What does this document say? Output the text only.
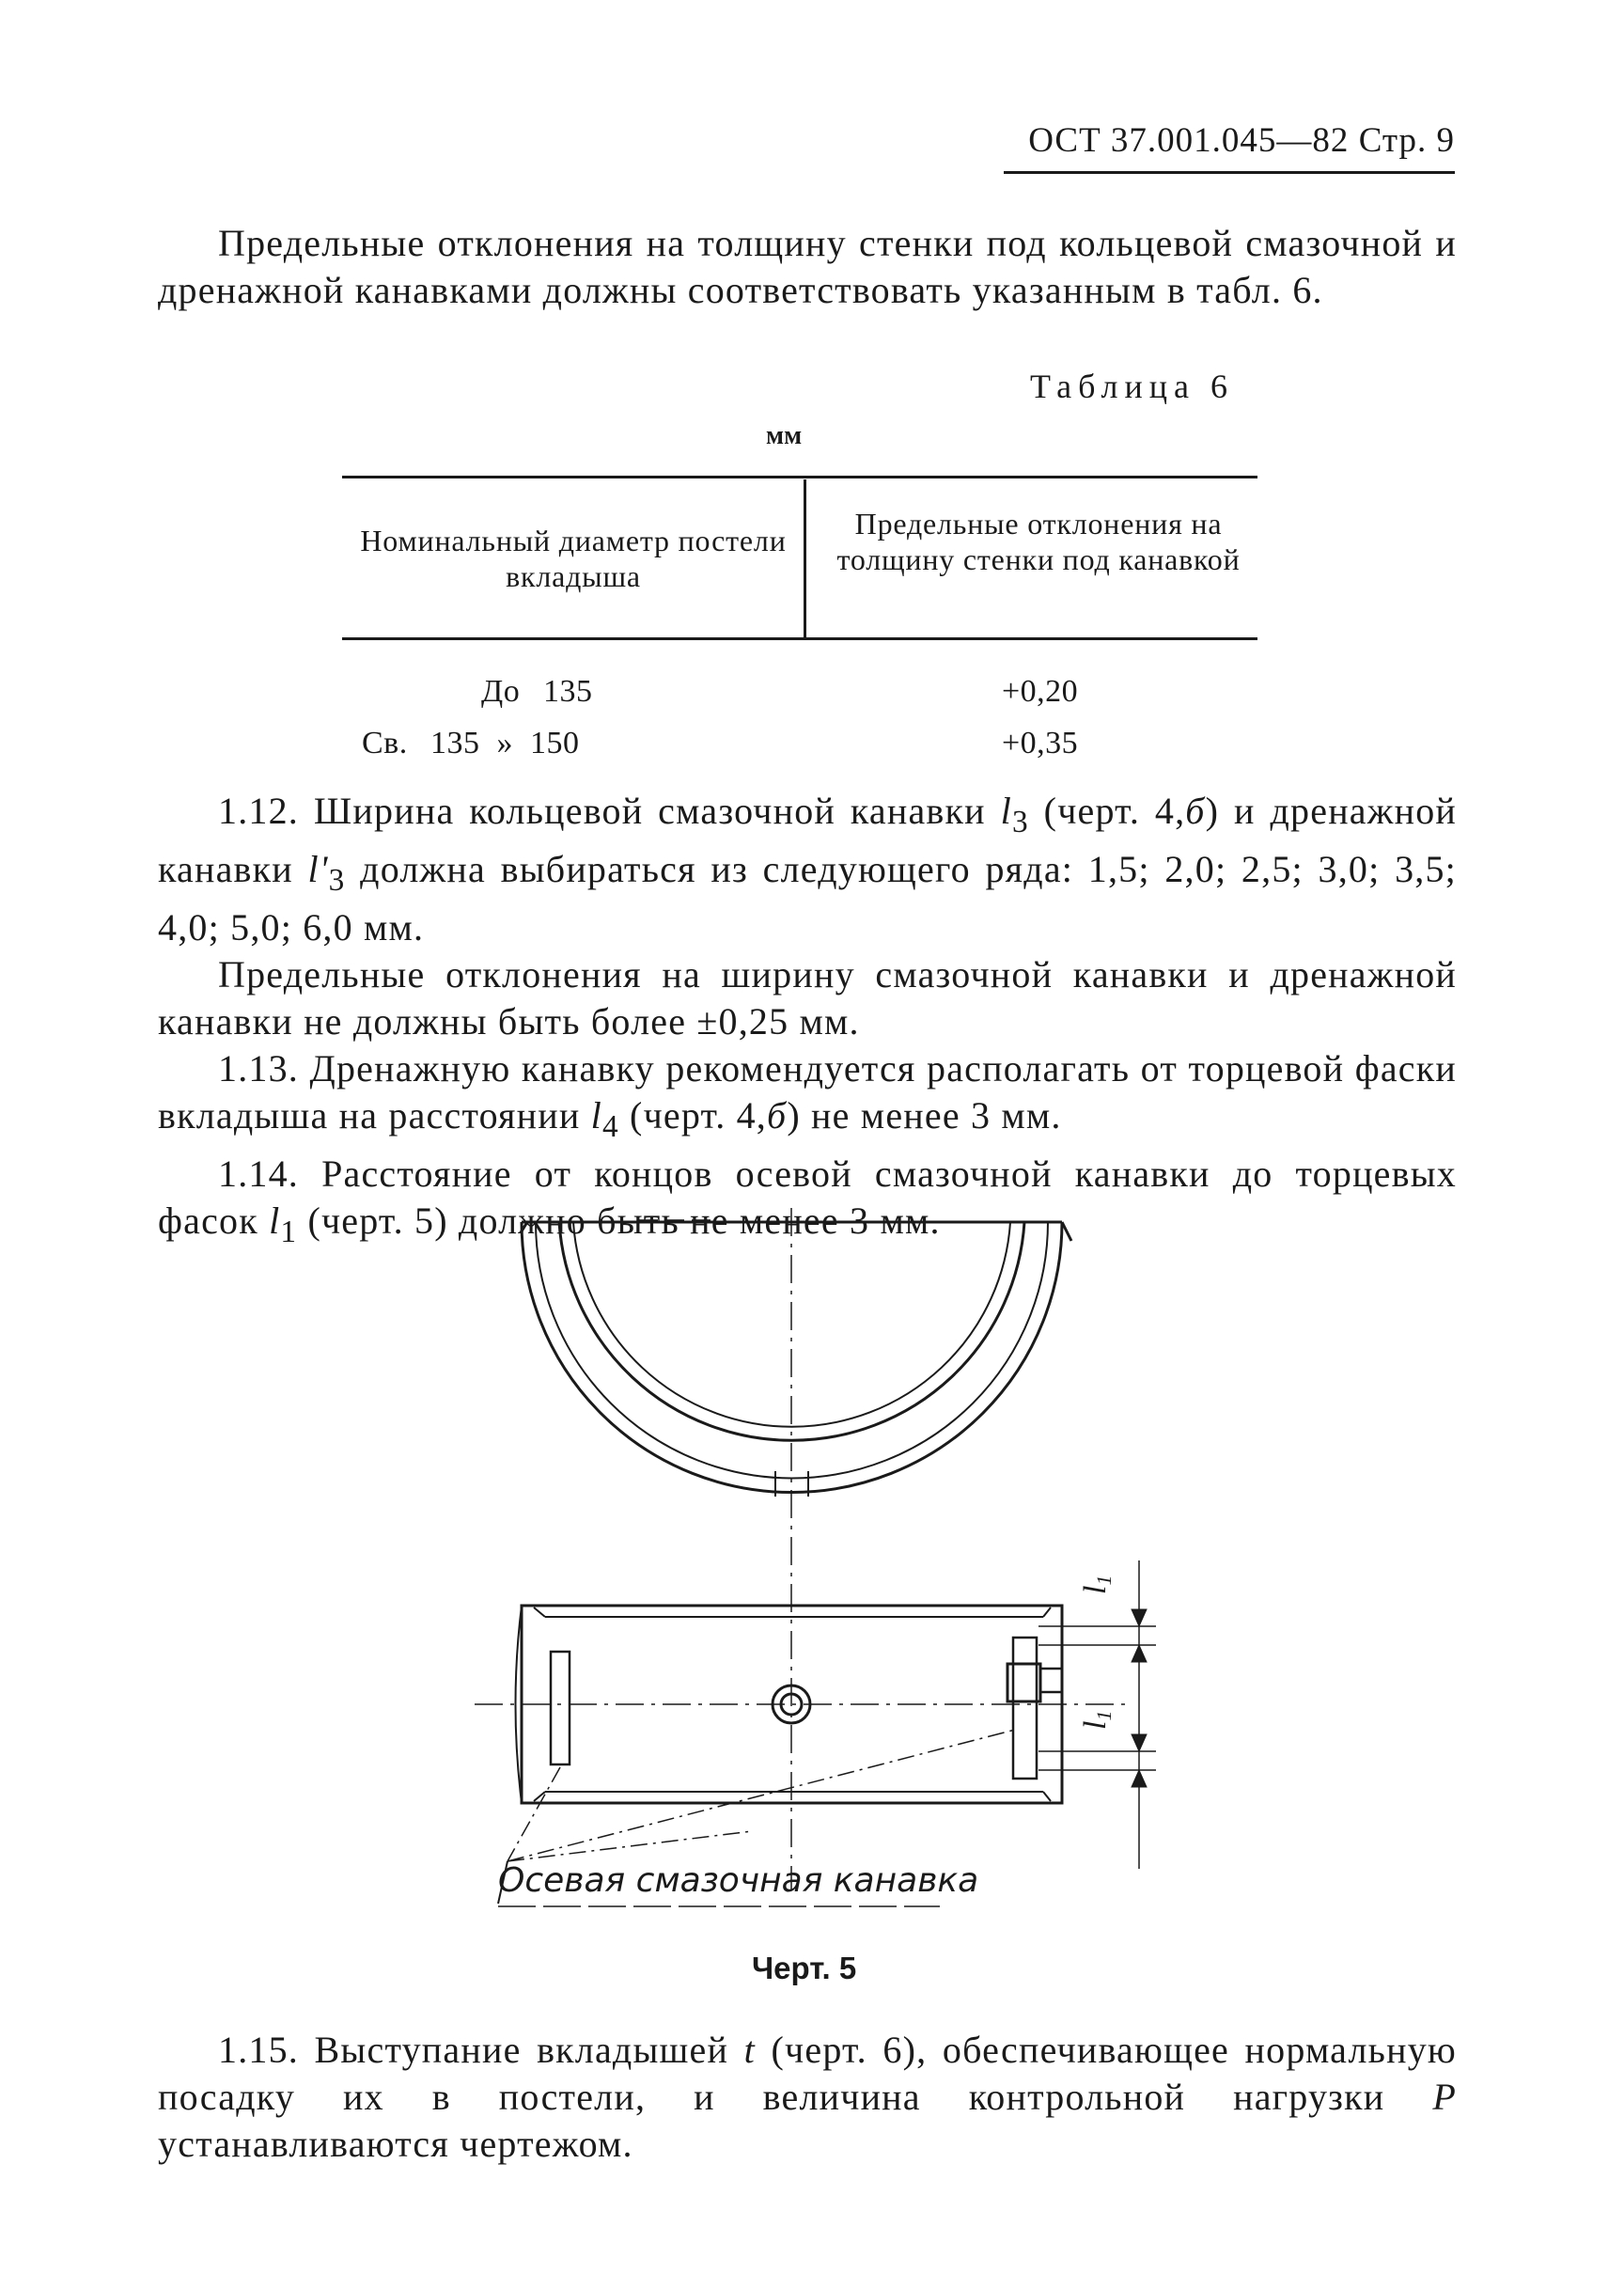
ОСТ 37.001.045—82 Стр. 9

Предельные отклонения на толщину стенки под кольцевой смазочной и дренажной канавками должны соответствовать указанным в табл. 6.

Таблица 6
мм
Номинальный диаметр постели вкладыша
Предельные отклонения на толщину стенки под канавкой
До 135	+0,20
Св. 135  »  150	+0,35

1.12. Ширина кольцевой смазочной канавки $l_3$ (черт. 4,б) и дренажной канавки $l'_3$ должна выбираться из следующего ряда: 1,5; 2,0; 2,5; 3,0; 3,5; 4,0; 5,0; 6,0 мм.

Предельные отклонения на ширину смазочной канавки и дренажной канавки не должны быть более ±0,25 мм.

1.13. Дренажную канавку рекомендуется располагать от торцевой фаски вкладыша на расстоянии $l_4$ (черт. 4,б) не менее 3 мм.

1.14. Расстояние от концов осевой смазочной канавки до торцевых фасок $l_1$ (черт. 5) должно быть не менее 3 мм.

l1
l1
Осевая смазочная канавка
Черт. 5

1.15. Выступание вкладышей t (черт. 6), обеспечивающее нормальную посадку их в постели, и величина контрольной нагрузки P устанавливаются чертежом.
